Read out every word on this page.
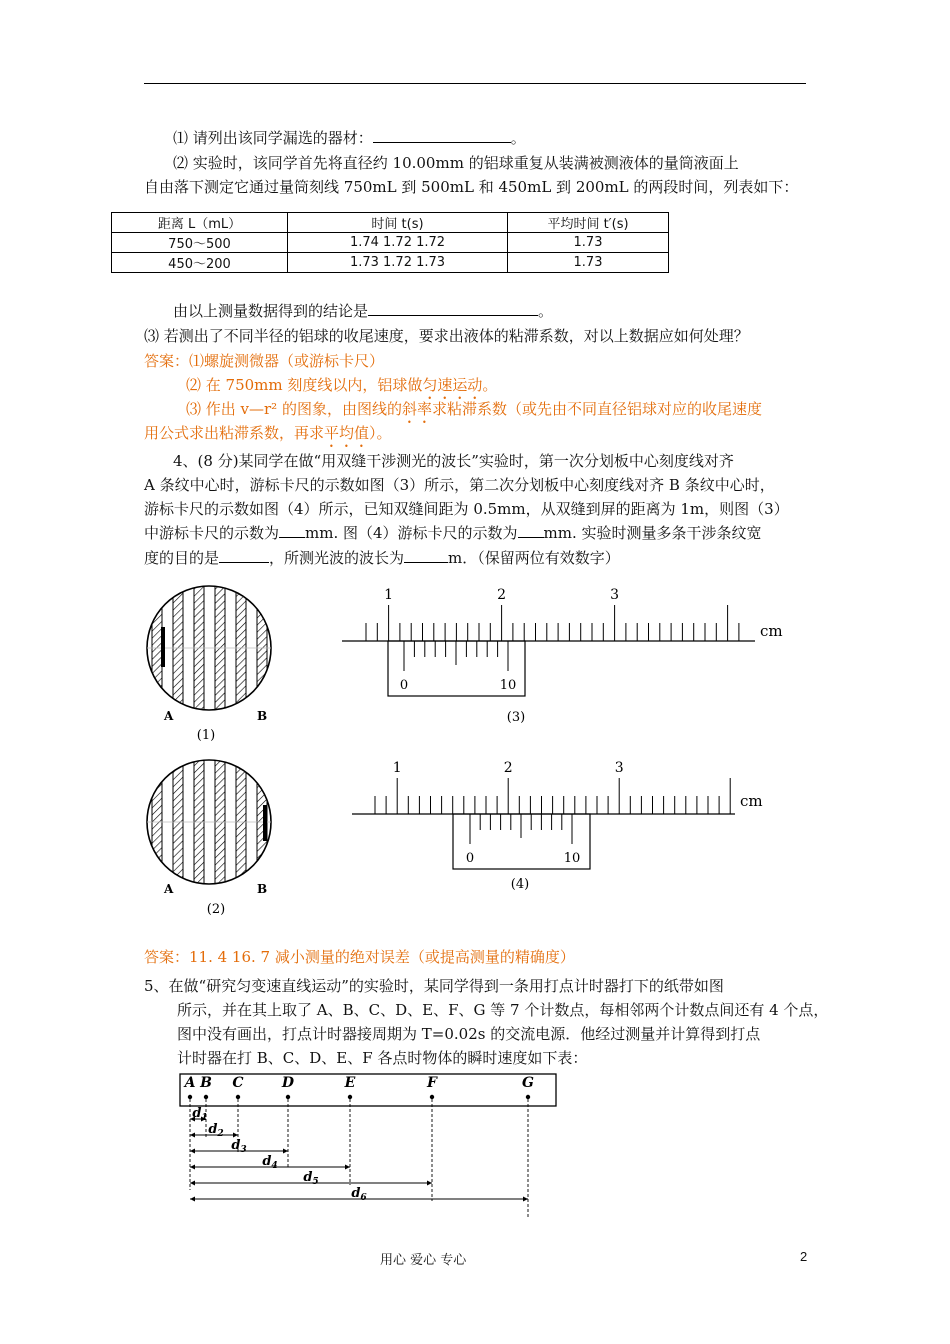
⑴ 请列出该同学漏选的器材：	。
⑵ 实验时，该同学首先将直径约 10.00mm 的铝球重复从装满被测液体的量筒液面上
自由落下测定它通过量筒刻线 750mL 到 500mL 和 450mL 到 200mL 的两段时间，列表如下：
距离 L（mL）	时间 t(s)	平均时间 t′(s)
750～500	1.74 1.72 1.72	1.73
450～200	1.73 1.72 1.73	1.73
由以上测量数据得到的结论是	。
⑶ 若测出了不同半径的铝球的收尾速度，要求出液体的粘滞系数，对以上数据应如何处理？
答案：⑴螺旋测微器（或游标卡尺）
⑵ 在 750mm 刻度线以内，铝球做匀速运动。
⑶ 作出 v—r² 的图象，由图线的斜率求粘滞系数（或先由不同直径铝球对应的收尾速度
用公式求出粘滞系数，再求平均值）。
4、(8 分)某同学在做“用双缝干涉测光的波长”实验时，第一次分划板中心刻度线对齐
A 条纹中心时，游标卡尺的示数如图（3）所示，第二次分划板中心刻度线对齐 B 条纹中心时，
游标卡尺的示数如图（4）所示，已知双缝间距为 0.5mm，从双缝到屏的距离为 1m，则图（3）
中游标卡尺的示数为 mm. 图（4）游标卡尺的示数为 mm. 实验时测量多条干涉条纹宽
度的目的是	，所测光波的波长为	m．（保留两位有效数字）
A	B
(1)
A	B
(2)
1	2	3
0	10
cm
(3)
1	2	3
0	10
cm
(4)
答案：11. 4 16. 7 减小测量的绝对误差（或提高测量的精确度）
5、在做“研究匀变速直线运动”的实验时，某同学得到一条用打点计时器打下的纸带如图
所示，并在其上取了 A、B、C、D、E、F、G 等 7 个计数点，每相邻两个计数点间还有 4 个点，
图中没有画出，打点计时器接周期为 T=0.02s 的交流电源．他经过测量并计算得到打点
计时器在打 B、C、D、E、F 各点时物体的瞬时速度如下表：
A B C	D	E	F	G
$d_1$
$d_2$
$d_3$
$d_4$
$d_5$
$d_6$
用心 爱心 专心	2
